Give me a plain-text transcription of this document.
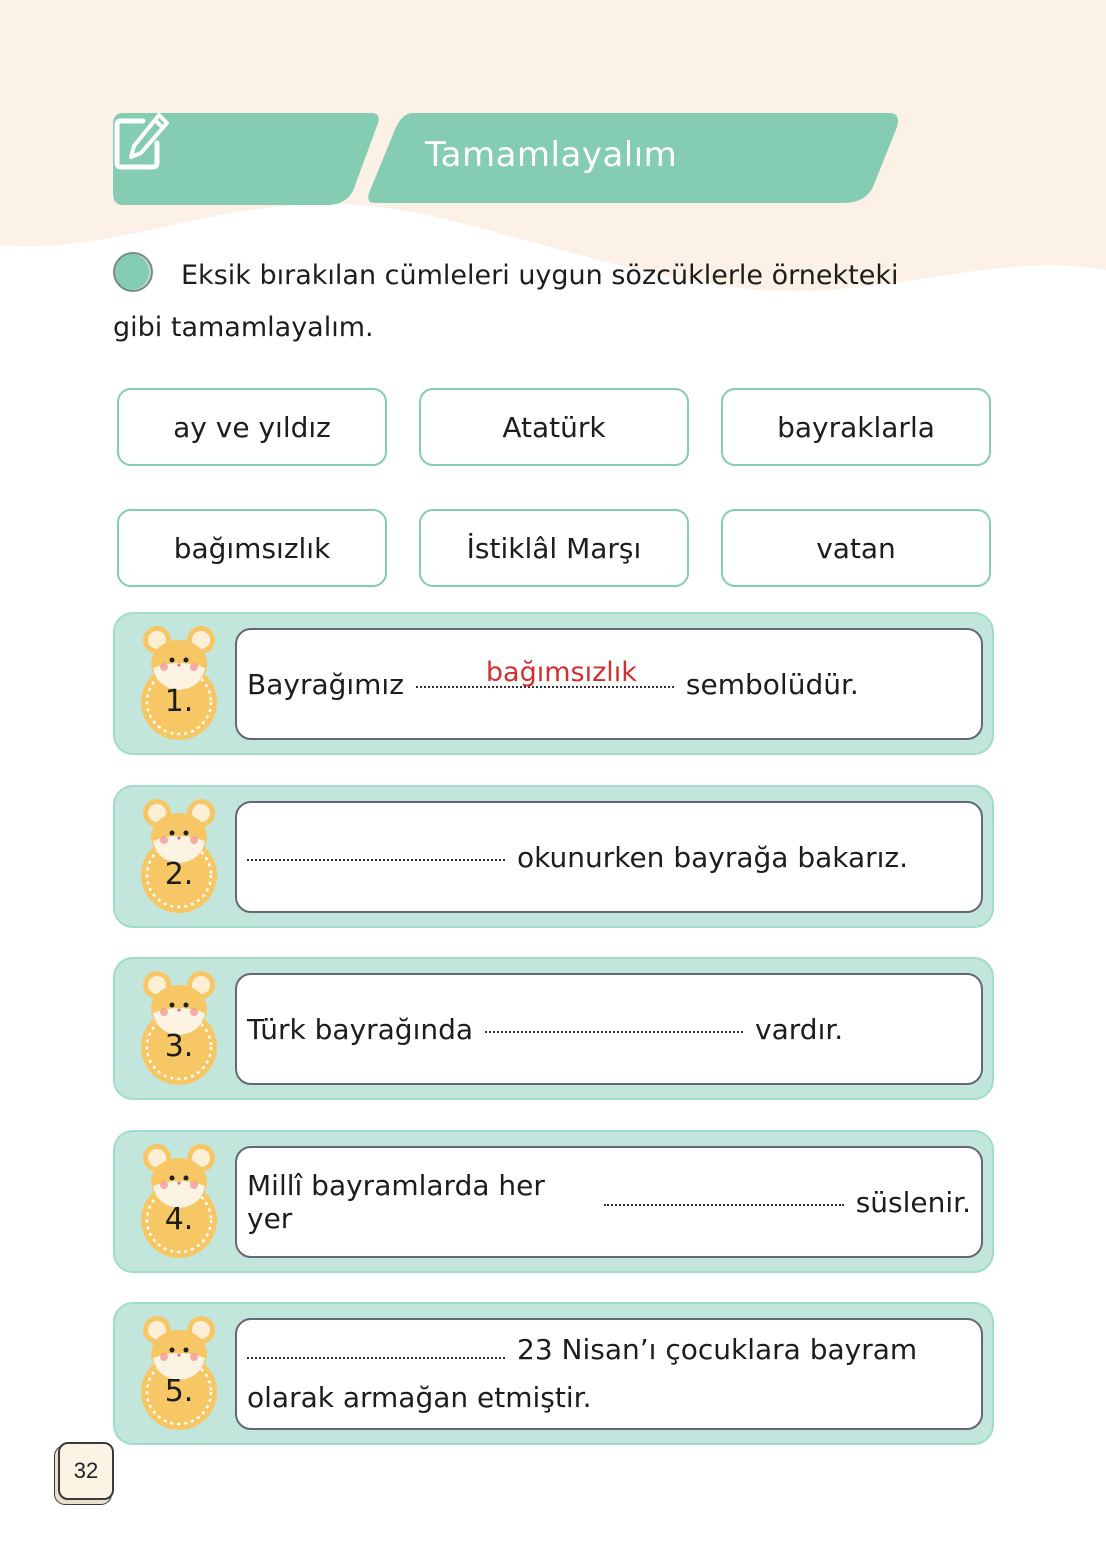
Tamamlayalım
Eksik bırakılan cümleleri uygun sözcüklerle örnekteki gibi tamamlayalım.
ay ve yıldız	Atatürk	bayraklarla
bağımsızlık	İstiklâl Marşı	vatan
1.	Bayrağımız	bağımsızlık sembolüdür.
2.	okunurken bayrağa bakarız.
3.	Türk bayrağında	vardır.
4.
Millî bayramlarda her yer	süslenir.
5.
23 Nisan’ı çocuklara bayram
olarak armağan etmiştir.
32
